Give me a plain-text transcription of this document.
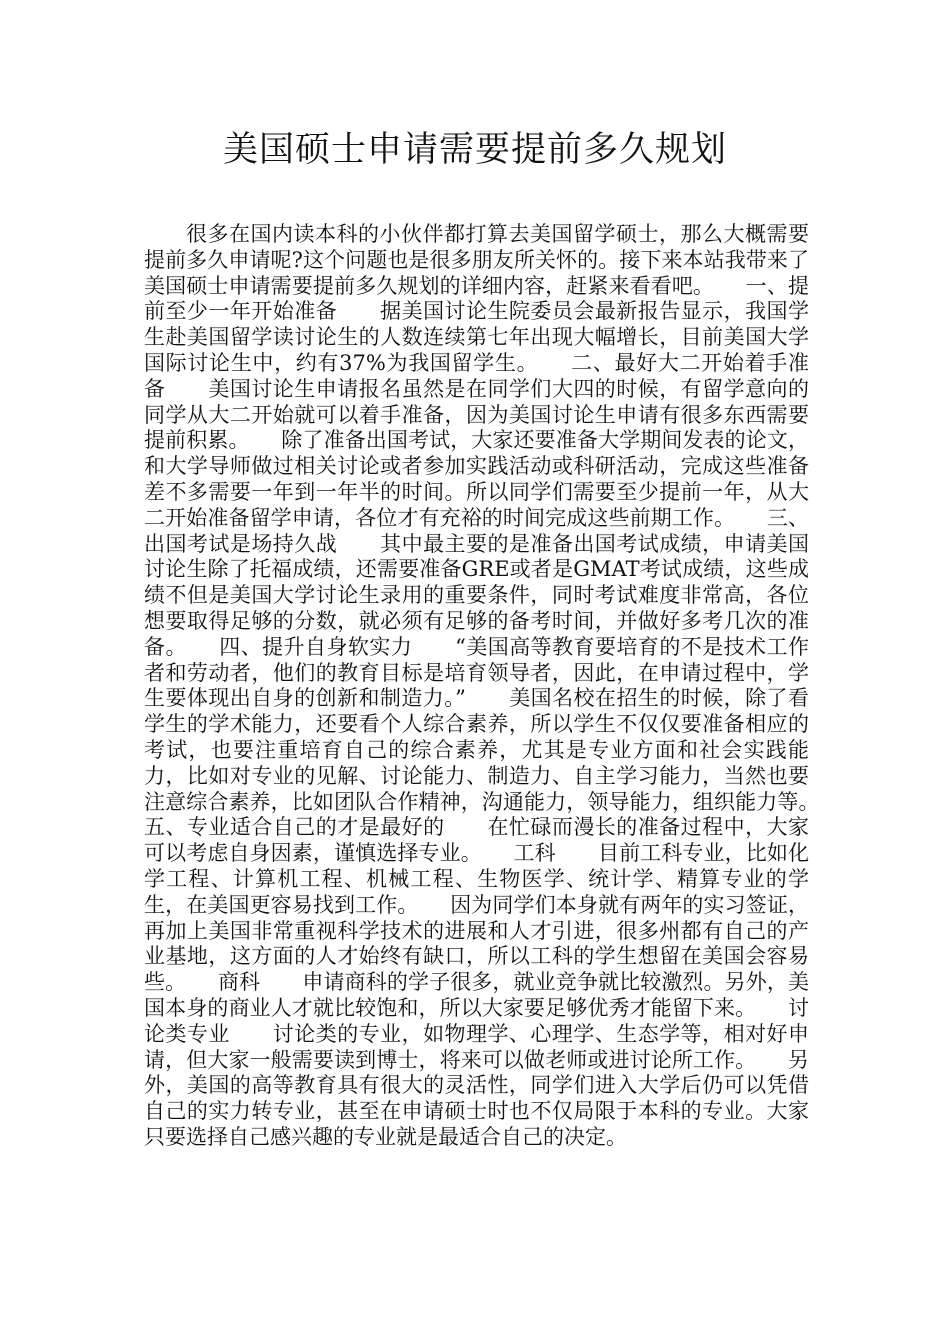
美国硕士申请需要提前多久规划

很多在国内读本科的小伙伴都打算去美国留学硕士，那么大概需要提前多久申请呢?这个问题也是很多朋友所关怀的。接下来本站我带来了美国硕士申请需要提前多久规划的详细内容，赶紧来看看吧。　　一、提前至少一年开始准备　　据美国讨论生院委员会最新报告显示，我国学生赴美国留学读讨论生的人数连续第七年出现大幅增长，目前美国大学国际讨论生中，约有37%为我国留学生。　　二、最好大二开始着手准备　　美国讨论生申请报名虽然是在同学们大四的时候，有留学意向的同学从大二开始就可以着手准备，因为美国讨论生申请有很多东西需要提前积累。　　除了准备出国考试，大家还要准备大学期间发表的论文，和大学导师做过相关讨论或者参加实践活动或科研活动，完成这些准备差不多需要一年到一年半的时间。所以同学们需要至少提前一年，从大二开始准备留学申请，各位才有充裕的时间完成这些前期工作。　　三、出国考试是场持久战　　其中最主要的是准备出国考试成绩，申请美国讨论生除了托福成绩，还需要准备GRE或者是GMAT考试成绩，这些成绩不但是美国大学讨论生录用的重要条件，同时考试难度非常高，各位想要取得足够的分数，就必须有足够的备考时间，并做好多考几次的准备。　　四、提升自身软实力　　“美国高等教育要培育的不是技术工作者和劳动者，他们的教育目标是培育领导者，因此，在申请过程中，学生要体现出自身的创新和制造力。”　　美国名校在招生的时候，除了看学生的学术能力，还要看个人综合素养，所以学生不仅仅要准备相应的考试，也要注重培育自己的综合素养，尤其是专业方面和社会实践能力，比如对专业的见解、讨论能力、制造力、自主学习能力，当然也要注意综合素养，比如团队合作精神，沟通能力，领导能力，组织能力等。　　五、专业适合自己的才是最好的　　在忙碌而漫长的准备过程中，大家可以考虑自身因素，谨慎选择专业。　　工科　　目前工科专业，比如化学工程、计算机工程、机械工程、生物医学、统计学、精算专业的学生，在美国更容易找到工作。　　因为同学们本身就有两年的实习签证，再加上美国非常重视科学技术的进展和人才引进，很多州都有自己的产业基地，这方面的人才始终有缺口，所以工科的学生想留在美国会容易些。　　商科　　申请商科的学子很多，就业竞争就比较激烈。另外，美国本身的商业人才就比较饱和，所以大家要足够优秀才能留下来。　　讨论类专业　　讨论类的专业，如物理学、心理学、生态学等，相对好申请，但大家一般需要读到博士，将来可以做老师或进讨论所工作。　　另外，美国的高等教育具有很大的灵活性，同学们进入大学后仍可以凭借自己的实力转专业，甚至在申请硕士时也不仅局限于本科的专业。大家只要选择自己感兴趣的专业就是最适合自己的决定。
